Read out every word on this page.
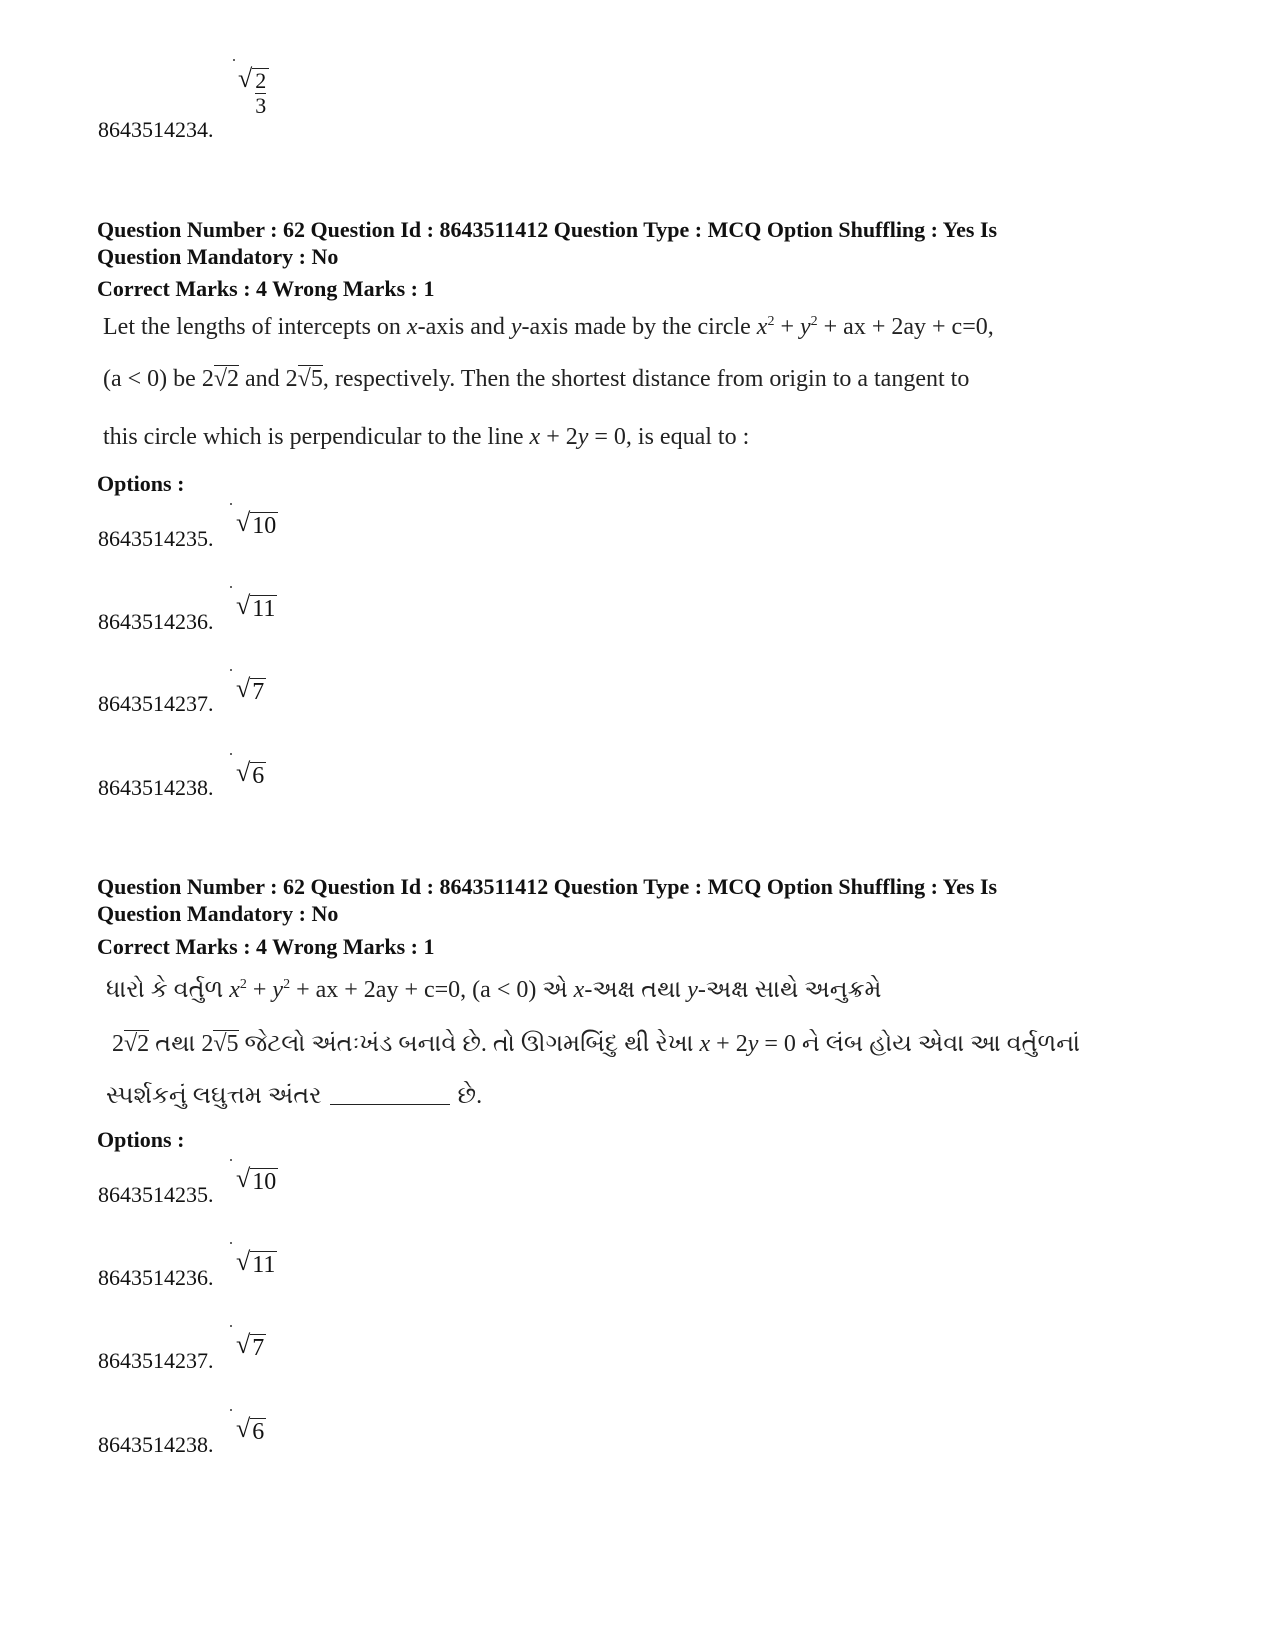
8643514234.
√ $\frac{2}{3}$
Question Number : 62 Question Id : 8643511412 Question Type : MCQ Option Shuffling : Yes Is
Question Mandatory : No
Correct Marks : 4 Wrong Marks : 1
Let the lengths of intercepts on x-axis and y-axis made by the circle $x^2 + y^2$ + ax + 2ay + c=0,
(a < 0) be 2√2 and 2√5, respectively. Then the shortest distance from origin to a tangent to
this circle which is perpendicular to the line x + 2y = 0, is equal to :
Options :
8643514235.
√ 10
8643514236.
√ 11
8643514237.
√ 7
8643514238.
√ 6
Question Number : 62 Question Id : 8643511412 Question Type : MCQ Option Shuffling : Yes Is
Question Mandatory : No
Correct Marks : 4 Wrong Marks : 1
ધારો કે વર્તુળ $x^2 + y^2$ + ax + 2ay + c=0, (a < 0) એ x-અક્ષ તથા y-અક્ષ સાથે અનુક્રમે
2√2 તથા 2√5 જેટલો અંતઃખંડ બનાવે છે. તો ઊગમબિંદુ થી રેખા x + 2y = 0 ને લંબ હોય એવા આ વર્તુળનાં
સ્પર્શકનું લઘુત્તમ અંતર	છે.
Options :
8643514235.
√ 10
8643514236.
√ 11
8643514237.
√ 7
8643514238.
√ 6
